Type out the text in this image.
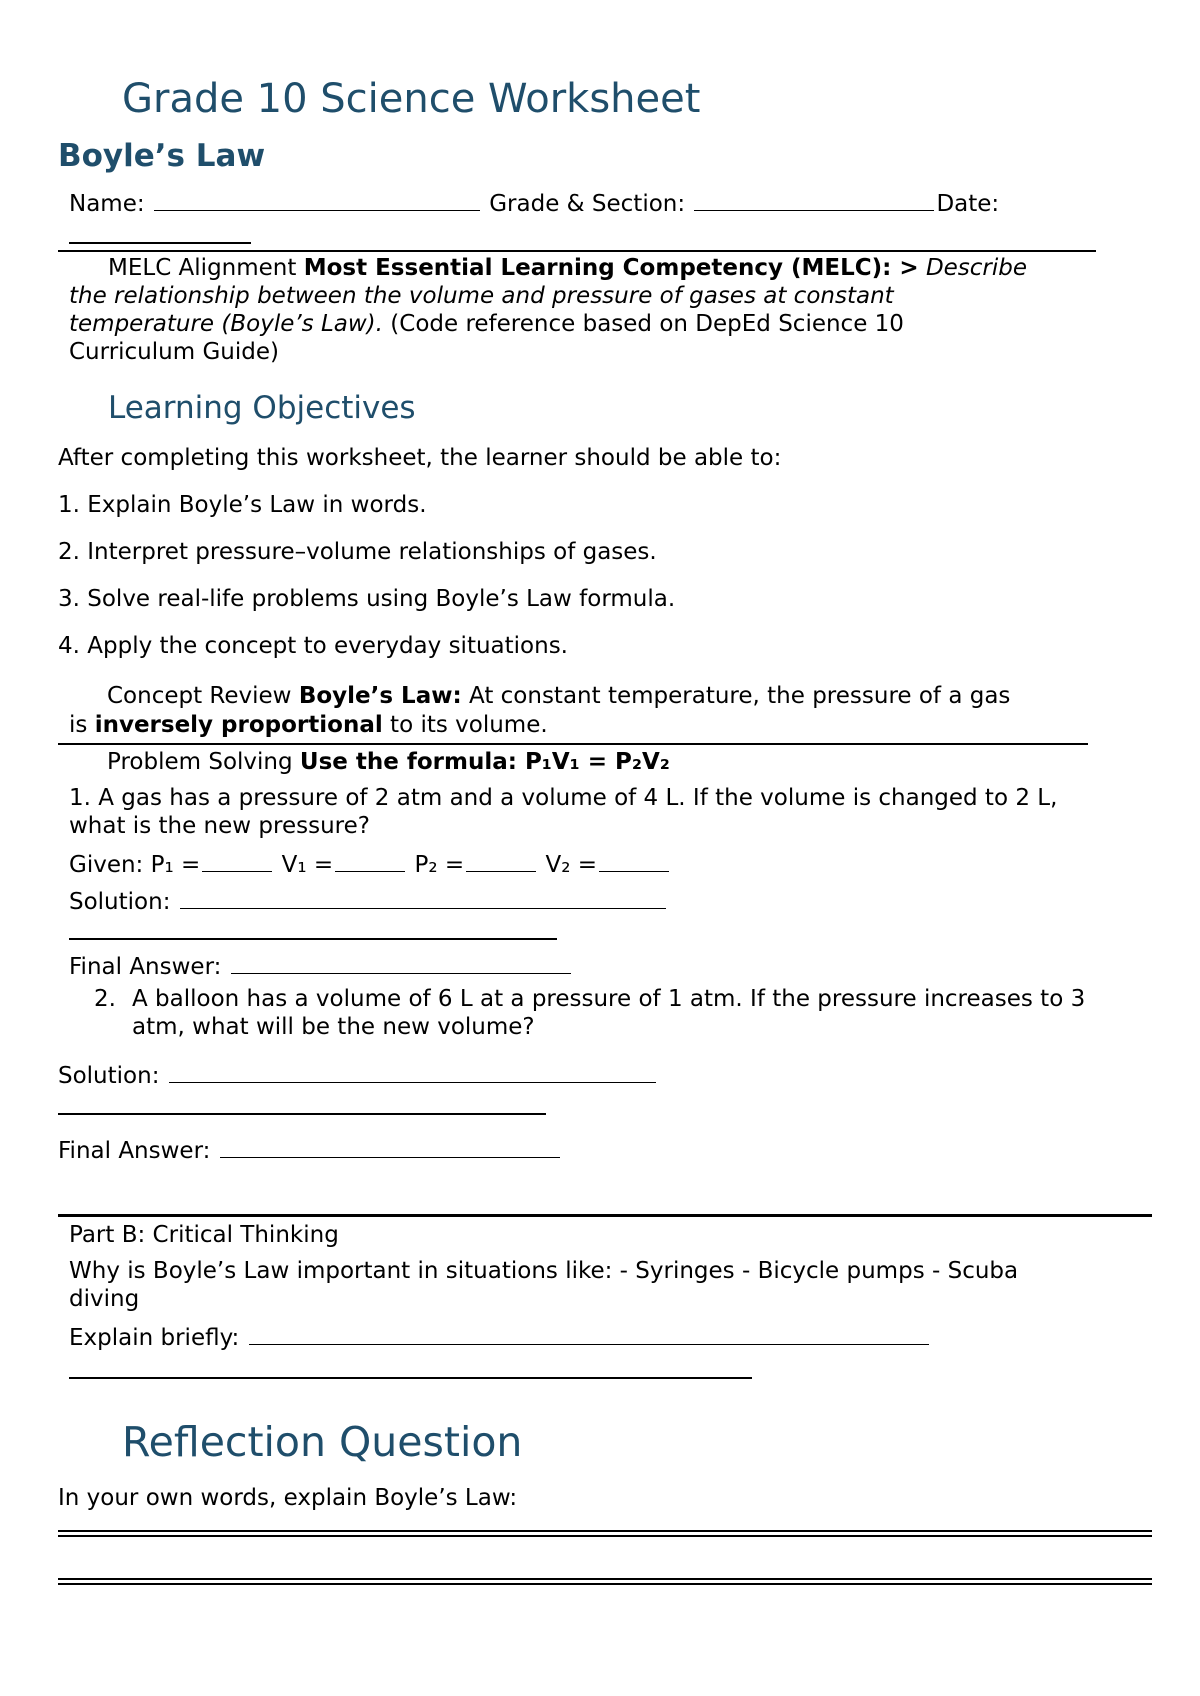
Grade 10 Science Worksheet
Boyle’s Law
Name:	Grade & Section:	Date:
MELC Alignment Most Essential Learning Competency (MELC): > Describe
the relationship between the volume and pressure of gases at constant
temperature (Boyle’s Law). (Code reference based on DepEd Science 10
Curriculum Guide)
Learning Objectives
After completing this worksheet, the learner should be able to:
1. Explain Boyle’s Law in words.
2. Interpret pressure–volume relationships of gases.
3. Solve real-life problems using Boyle’s Law formula.
4. Apply the concept to everyday situations.
Concept Review Boyle’s Law: At constant temperature, the pressure of a gas
is inversely proportional to its volume.
Problem Solving Use the formula: P₁V₁ = P₂V₂
1. A gas has a pressure of 2 atm and a volume of 4 L. If the volume is changed to 2 L,
what is the new pressure?
Given: P₁ =	V₁ =	P₂ =	V₂ =
Solution:
Final Answer:
2. A balloon has a volume of 6 L at a pressure of 1 atm. If the pressure increases to 3
atm, what will be the new volume?
Solution:
Final Answer:
Part B: Critical Thinking
Why is Boyle’s Law important in situations like: - Syringes - Bicycle pumps - Scuba
diving
Explain briefly:
Reflection Question
In your own words, explain Boyle’s Law:
